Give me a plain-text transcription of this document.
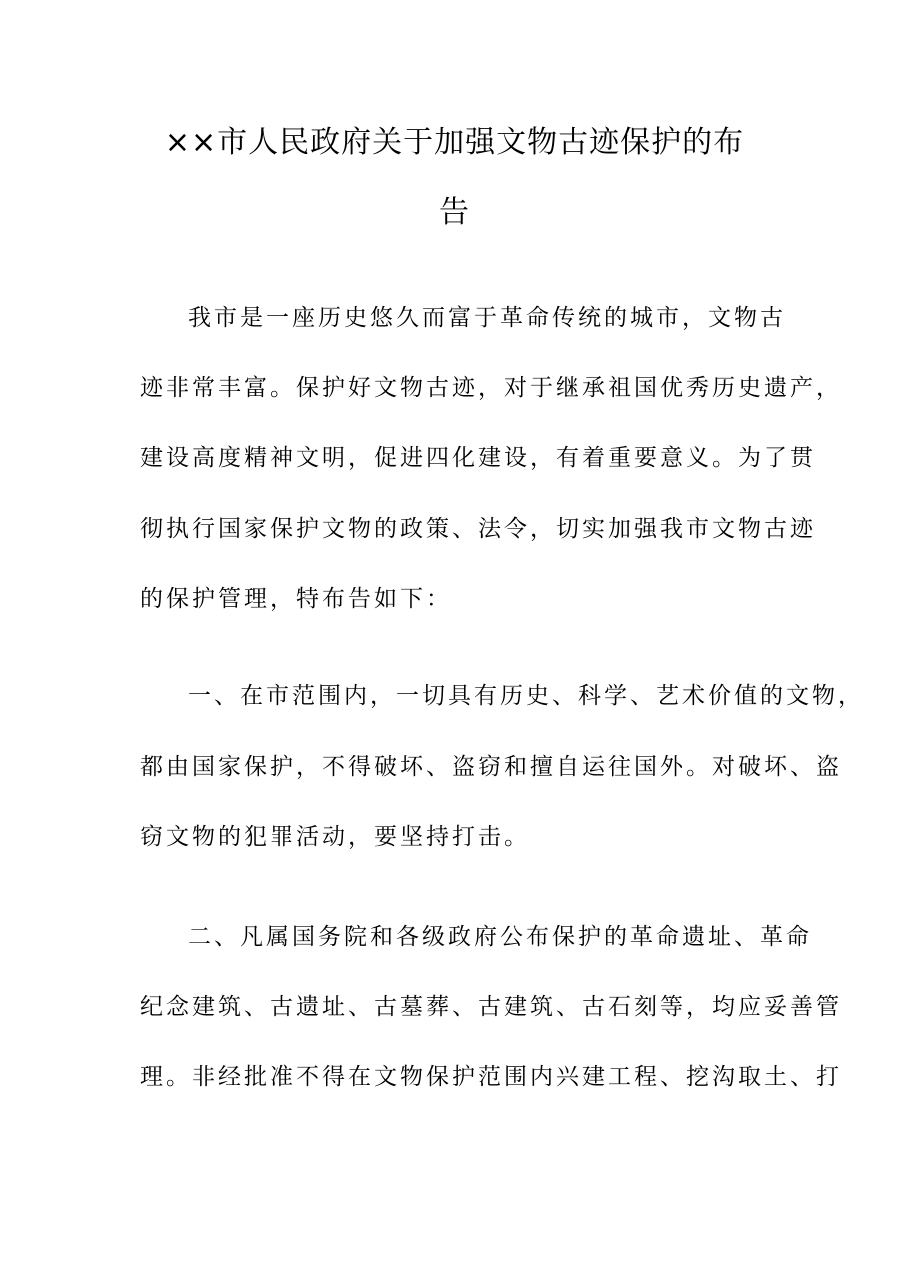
××市人民政府关于加强文物古迹保护的布
告
我市是一座历史悠久而富于革命传统的城市，文物古
迹非常丰富。保护好文物古迹，对于继承祖国优秀历史遗产，
建设高度精神文明，促进四化建设，有着重要意义。为了贯
彻执行国家保护文物的政策、法令，切实加强我市文物古迹
的保护管理，特布告如下：
一、在市范围内，一切具有历史、科学、艺术价值的文物，
都由国家保护，不得破坏、盗窃和擅自运往国外。对破坏、盗
窃文物的犯罪活动，要坚持打击。
二、凡属国务院和各级政府公布保护的革命遗址、革命
纪念建筑、古遗址、古墓葬、古建筑、古石刻等，均应妥善管
理。非经批准不得在文物保护范围内兴建工程、挖沟取土、打
